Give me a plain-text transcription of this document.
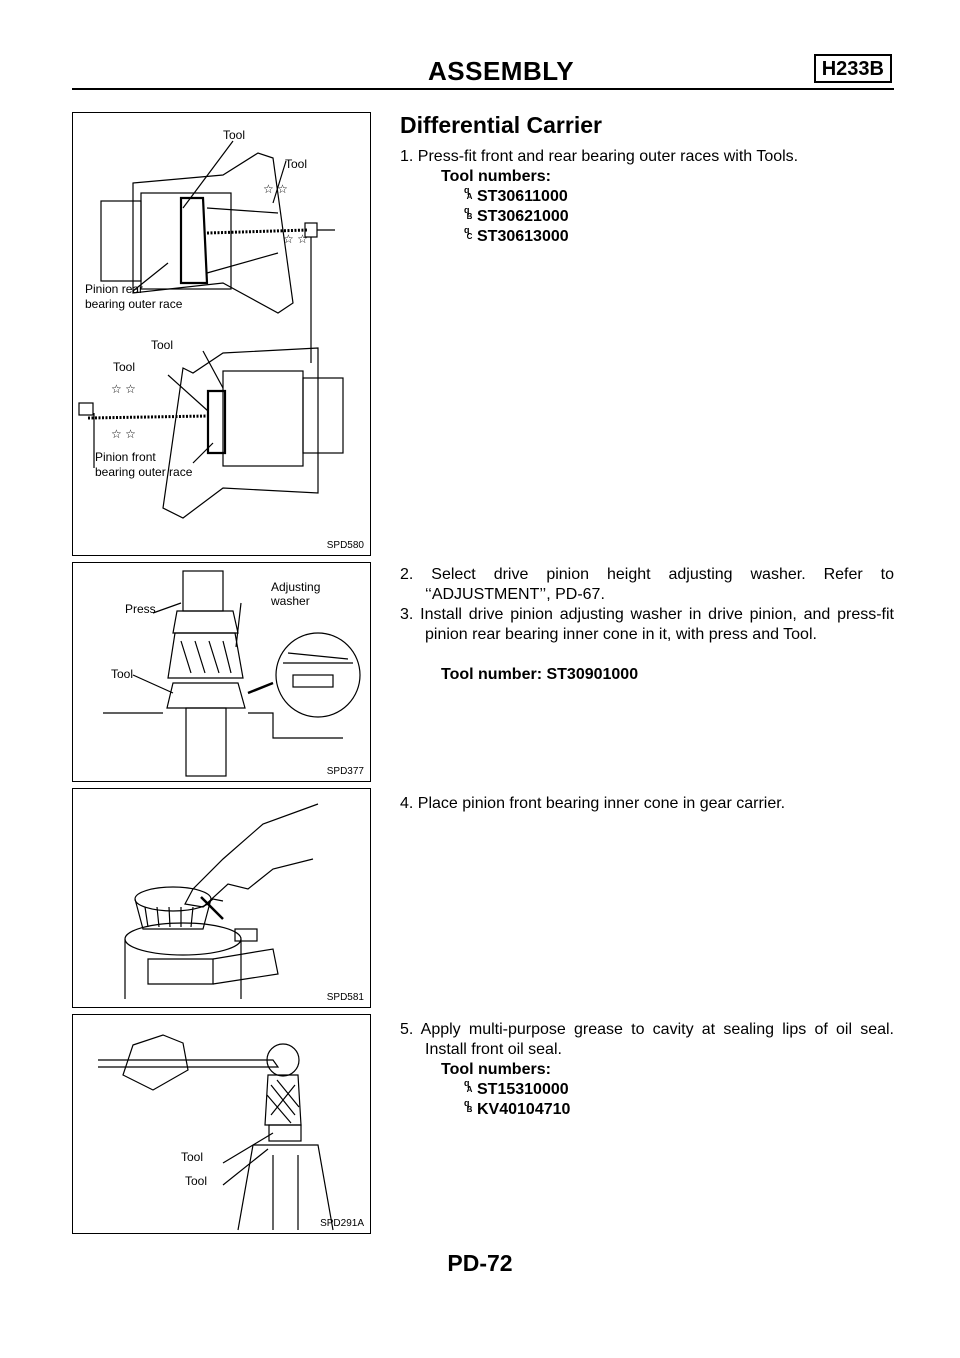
ASSEMBLY	H233B
☆ ☆
☆ ☆
☆ ☆
☆ ☆
Tool
Tool
Pinion rear
bearing outer race
Tool
Tool
Pinion front
bearing outer race
SPD580
Press
Adjusting
washer
Tool
SPD377
SPD581
Tool
Tool
SPD291A
Differential Carrier

1. Press-fit front and rear bearing outer races with Tools.

Tool numbers:
q A ST30611000
q B ST30621000
q C ST30613000

2. Select drive pinion height adjusting washer. Refer to ‘‘ADJUSTMENT’’, PD-67.

3. Install drive pinion adjusting washer in drive pinion, and press-fit pinion rear bearing inner cone in it, with press and Tool.

Tool number: ST30901000

4. Place pinion front bearing inner cone in gear carrier.

5. Apply multi-purpose grease to cavity at sealing lips of oil seal. Install front oil seal.

Tool numbers:
q A ST15310000
q B KV40104710
PD-72
